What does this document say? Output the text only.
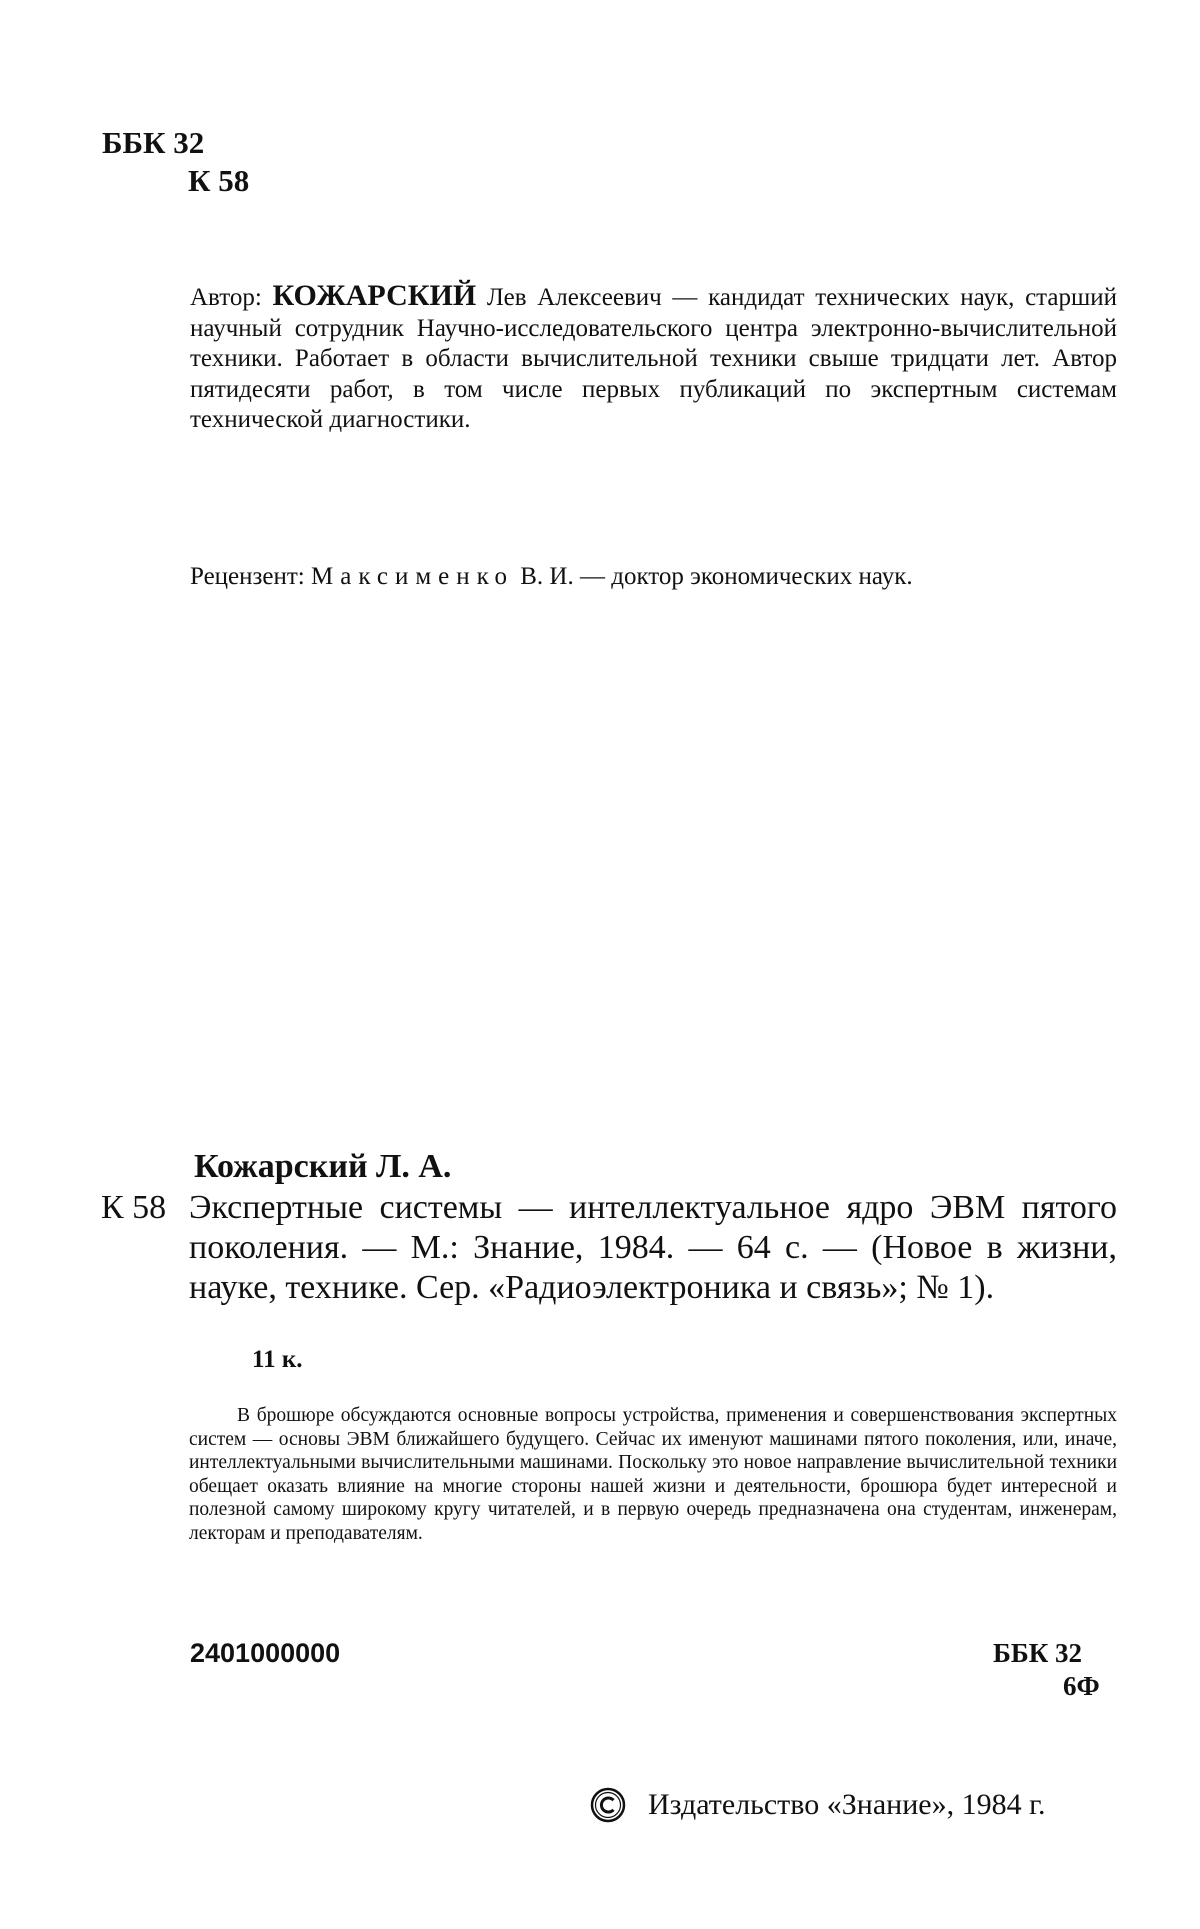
ББК 32
К 58

Автор: КОЖАРСКИЙ Лев Алексеевич — кандидат технических наук, старший научный сотрудник Научно-исследовательского центра электронно-вычислительной техники. Работает в области вычислительной техники свыше тридцати лет. Автор пятидесяти работ, в том числе первых публикаций по экспертным системам технической диагностики.

Рецензент: Максименко В. И. — доктор экономических наук.

Кожарский Л. А.
К 58 Экспертные системы — интеллектуальное ядро ЭВМ пятого поколения. — М.: Знание, 1984. — 64 с. — (Новое в жизни, науке, технике. Сер. «Радиоэлектроника и связь»; № 1).

11 к.

В брошюре обсуждаются основные вопросы устройства, применения и совершенствования экспертных систем — основы ЭВМ ближайшего будущего. Сейчас их именуют машинами пятого поколения, или, иначе, интеллектуальными вычислительными машинами. Поскольку это новое направление вычислительной техники обещает оказать влияние на многие стороны нашей жизни и деятельности, брошюра будет интересной и полезной самому широкому кругу читателей, и в первую очередь предназначена она студентам, инженерам, лекторам и преподавателям.

2401000000	ББК 32
6Ф
Издательство «Знание», 1984 г.
